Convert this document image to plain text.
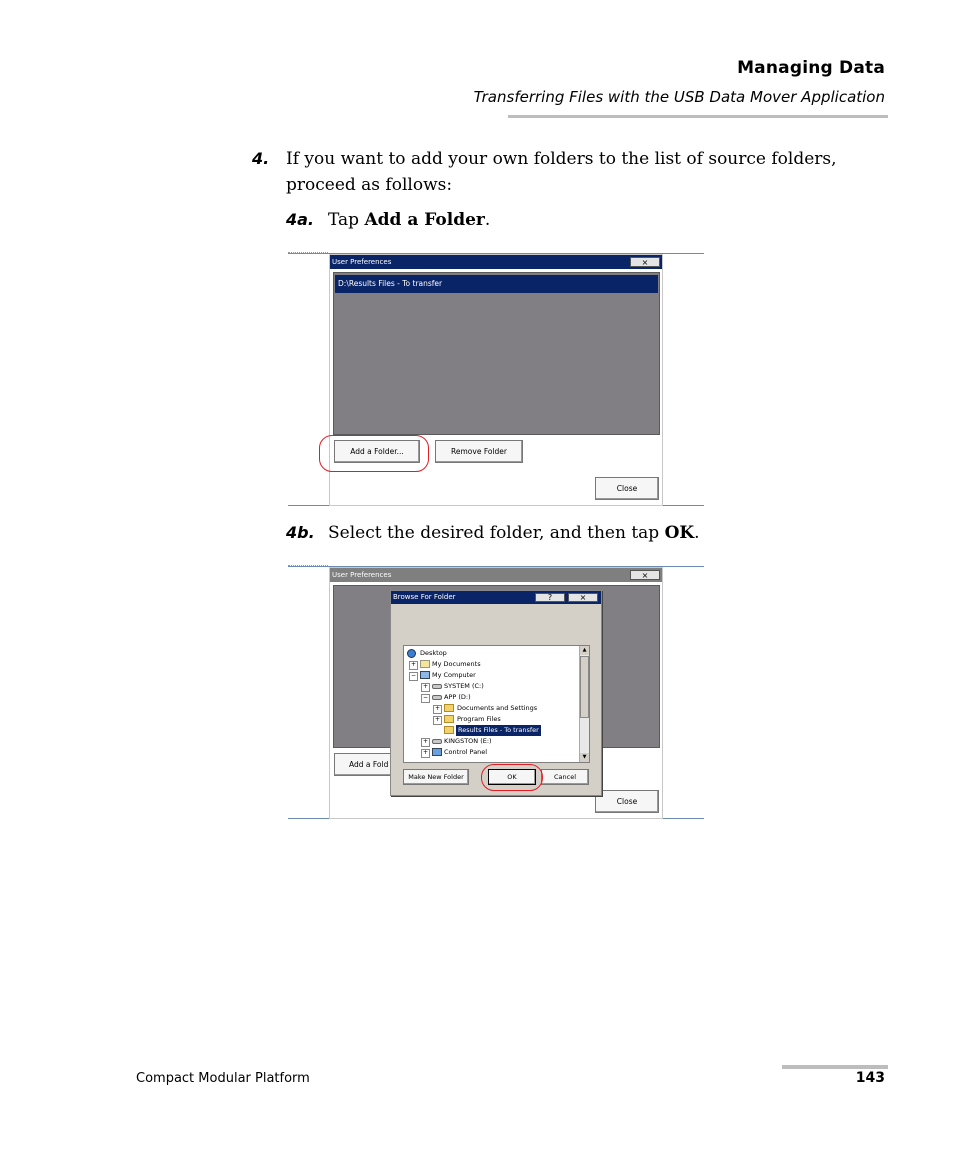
Managing Data
Transferring Files with the USB Data Mover Application
4. If you want to add your own folders to the list of source folders, proceed as follows:
4a. Tap Add a Folder.
User Preferences	×
D:\Results Files - To transfer
Add a Folder...	Remove Folder
Close
4b. Select the desired folder, and then tap OK.
User Preferences	×
Add a Fold
Close
Browse For Folder	?	×
Desktop
+	My Documents
−	My Computer
+	SYSTEM (C:)
−	APP (D:)
+	Documents and Settings
+	Program Files
Results Files - To transfer
+	KINGSTON (E:)
+	Control Panel
▲
▼
Make New Folder	OK	Cancel
Compact Modular Platform	143
